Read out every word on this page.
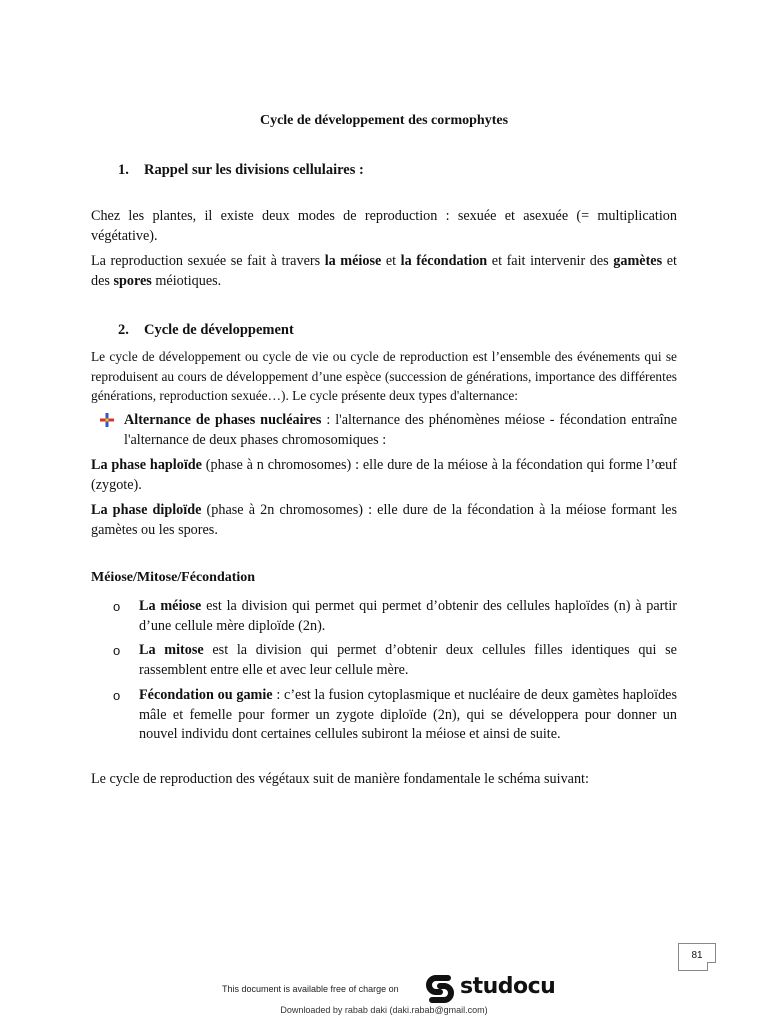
Cycle de développement des cormophytes
1. Rappel sur les divisions cellulaires :
Chez les plantes, il existe deux modes de reproduction : sexuée et asexuée (= multiplication végétative).
La reproduction sexuée se fait à travers la méiose et la fécondation et fait intervenir des gamètes et des spores méiotiques.
2. Cycle de développement
Le cycle de développement ou cycle de vie ou cycle de reproduction est l’ensemble des événements qui se reproduisent au cours de développement d’une espèce (succession de générations, importance des différentes générations, reproduction sexuée…). Le cycle présente deux types d'alternance:
Alternance de phases nucléaires : l'alternance des phénomènes méiose - fécondation entraîne l'alternance de deux phases chromosomiques :
La phase haploïde (phase à n chromosomes) : elle dure de la méiose à la fécondation qui forme l’œuf (zygote).
La phase diploïde (phase à 2n chromosomes) : elle dure de la fécondation à la méiose formant les gamètes ou les spores.
Méiose/Mitose/Fécondation
o La méiose est la division qui permet qui permet d’obtenir des cellules haploïdes (n) à partir d’une cellule mère diploïde (2n).
o La mitose est la division qui permet d’obtenir deux cellules filles identiques qui se rassemblent entre elle et avec leur cellule mère.
o Fécondation ou gamie : c’est la fusion cytoplasmique et nucléaire de deux gamètes haploïdes mâle et femelle pour former un zygote diploïde (2n), qui se développera pour donner un nouvel individu dont certaines cellules subiront la méiose et ainsi de suite.
Le cycle de reproduction des végétaux suit de manière fondamentale le schéma suivant:
81
This document is available free of charge on	studocu
Downloaded by rabab daki (daki.rabab@gmail.com)
